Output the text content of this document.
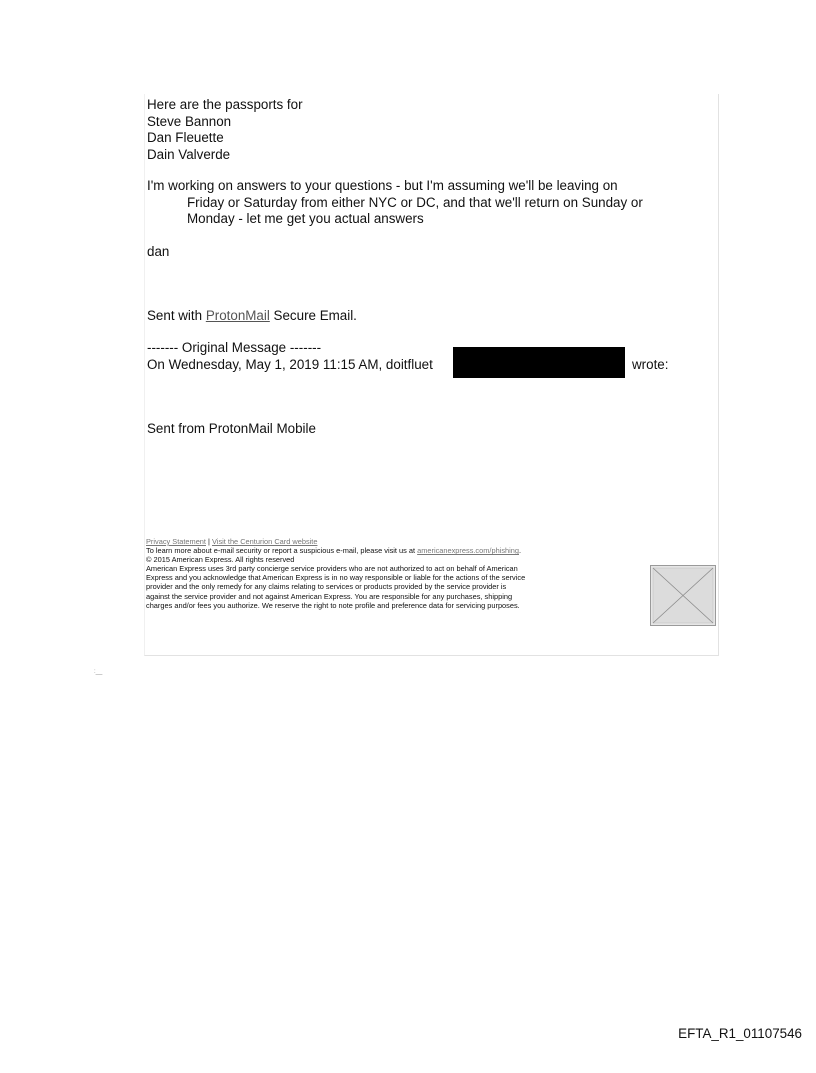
Here are the passports for
Steve Bannon
Dan Fleuette
Dain Valverde
I'm working on answers to your questions - but I'm assuming we'll be leaving on
Friday or Saturday from either NYC or DC, and that we'll return on Sunday or
Monday - let me get you actual answers
dan
Sent with ProtonMail Secure Email.
------- Original Message -------
On Wednesday, May 1, 2019 11:15 AM, doitfluet	wrote:
Sent from ProtonMail Mobile
Privacy Statement | Visit the Centurion Card website
To learn more about e-mail security or report a suspicious e-mail, please visit us at americanexpress.com/phishing.
© 2015 American Express. All rights reserved
American Express uses 3rd party concierge service providers who are not authorized to act on behalf of American
Express and you acknowledge that American Express is in no way responsible or liable for the actions of the service
provider and the only remedy for any claims relating to services or products provided by the service provider is
against the service provider and not against American Express. You are responsible for any purchases, shipping
charges and/or fees you authorize. We reserve the right to note profile and preference data for servicing purposes.
:__
EFTA_R1_01107546
